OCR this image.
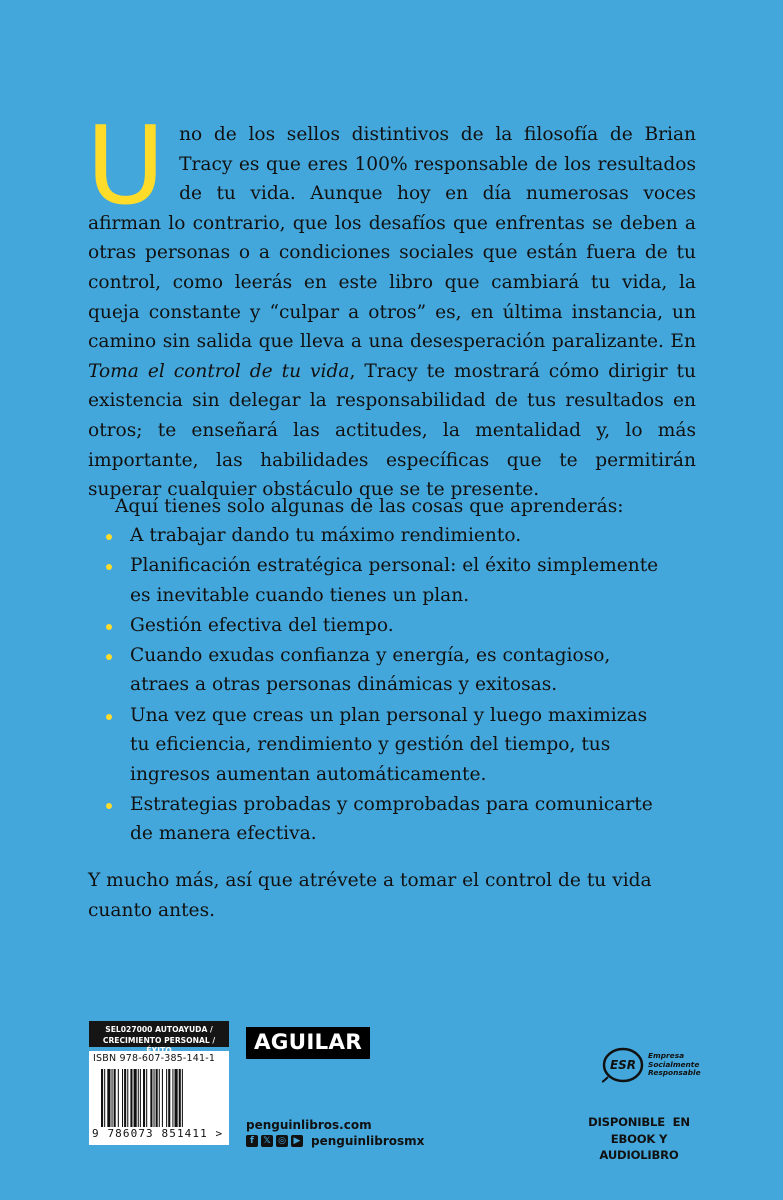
Uno de los sellos distintivos de la filosofía de Brian Tracy es que eres 100% responsable de los resultados de tu vida. Aunque hoy en día numerosas voces afirman lo contrario, que los desafíos que enfrentas se deben a otras personas o a condiciones sociales que están fuera de tu control, como leerás en este libro que cambiará tu vida, la queja constante y “culpar a otros” es, en última instancia, un camino sin salida que lleva a una desesperación paralizante. En Toma el control de tu vida, Tracy te mostrará cómo dirigir tu existencia sin delegar la responsabilidad de tus resultados en otros; te enseñará las actitudes, la mentalidad y, lo más importante, las habilidades específicas que te permitirán superar cualquier obstáculo que se te presente.
Aquí tienes solo algunas de las cosas que aprenderás:
A trabajar dando tu máximo rendimiento.
Planificación estratégica personal: el éxito simplemente es inevitable cuando tienes un plan.
Gestión efectiva del tiempo.
Cuando exudas confianza y energía, es contagioso, atraes a otras personas dinámicas y exitosas.
Una vez que creas un plan personal y luego maximizas tu eficiencia, rendimiento y gestión del tiempo, tus ingresos aumentan automáticamente.
Estrategias probadas y comprobadas para comunicarte de manera efectiva.
Y mucho más, así que atrévete a tomar el control de tu vida cuanto antes.
SEL027000 AUTOAYUDA /
CRECIMIENTO PERSONAL /
ISBN 978-607-385-141-1
9 786073 851411 >
AGUILAR
penguinlibros.com
f	𝕏 ◎ ▶ penguinlibrosmx
ESR
Empresa
Socialmente
Responsable
DISPONIBLE  EN
EBOOK Y AUDIOLIBRO
